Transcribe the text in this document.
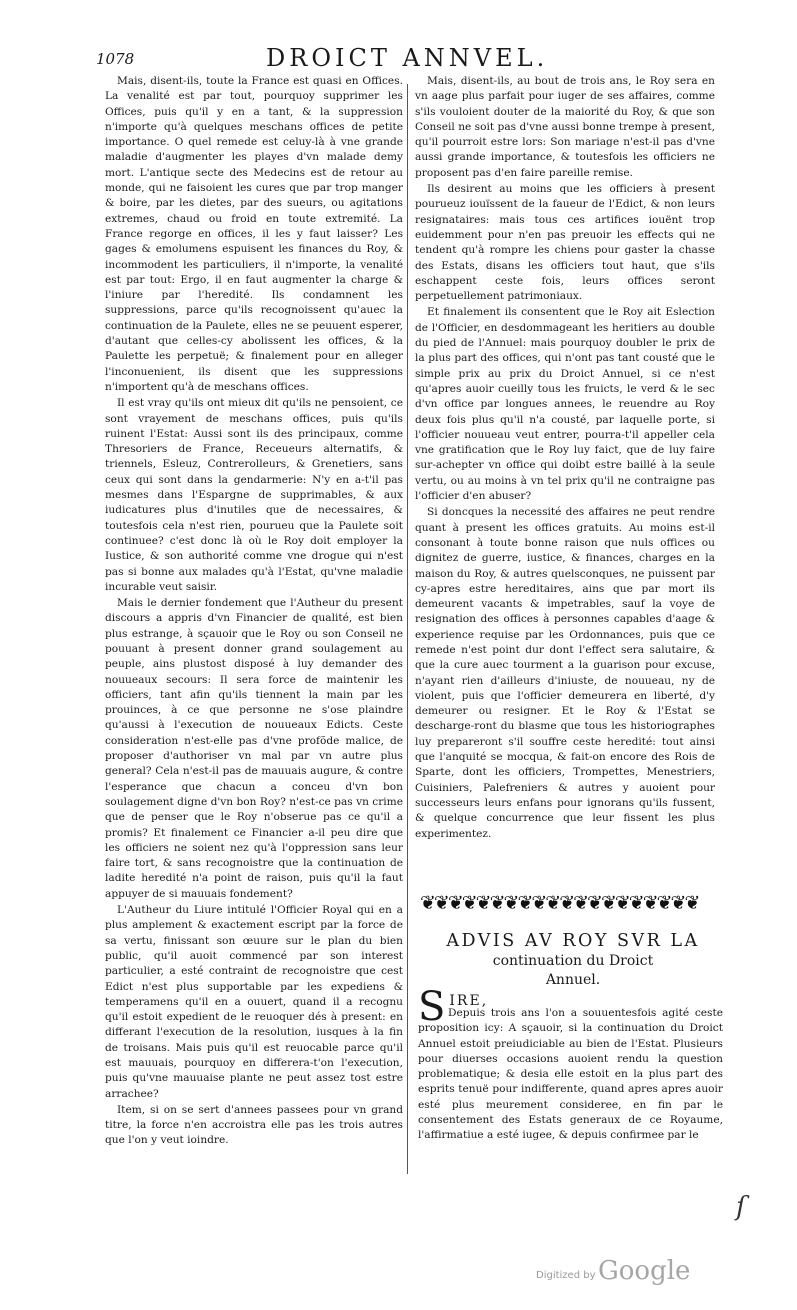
1078	DROICT ANNVEL.

Mais, disent-ils, toute la France est quasi en Offices. La venalité est par tout, pourquoy supprimer les Offices, puis qu'il y en a tant, & la suppression n'importe qu'à quelques meschans offices de petite importance. O quel remede est celuy-là à vne grande maladie d'augmenter les playes d'vn malade demy mort. L'antique secte des Medecins est de retour au monde, qui ne faisoient les cures que par trop manger & boire, par les dietes, par des sueurs, ou agitations extremes, chaud ou froid en toute extremité. La France regorge en offices, il les y faut laisser? Les gages & emolumens espuisent les finances du Roy, & incommodent les particuliers, il n'importe, la venalité est par tout: Ergo, il en faut augmenter la charge & l'iniure par l'heredité. Ils condamnent les suppressions, parce qu'ils recognoissent qu'auec la continuation de la Paulete, elles ne se peuuent esperer, d'autant que celles-cy abolissent les offices, & la Paulette les perpetuë; & finalement pour en alleger l'inconuenient, ils disent que les suppressions n'importent qu'à de meschans offices.

Il est vray qu'ils ont mieux dit qu'ils ne pensoient, ce sont vrayement de meschans offices, puis qu'ils ruinent l'Estat: Aussi sont ils des principaux, comme Thresoriers de France, Receueurs alternatifs, & triennels, Esleuz, Contrerolleurs, & Grenetiers, sans ceux qui sont dans la gendarmerie: N'y en a-t'il pas mesmes dans l'Espargne de supprimables, & aux iudicatures plus d'inutiles que de necessaires, & toutesfois cela n'est rien, pourueu que la Paulete soit continuee? c'est donc là où le Roy doit employer la Iustice, & son authorité comme vne drogue qui n'est pas si bonne aux malades qu'à l'Estat, qu'vne maladie incurable veut saisir.

Mais le dernier fondement que l'Autheur du present discours a appris d'vn Financier de qualité, est bien plus estrange, à sçauoir que le Roy ou son Conseil ne pouuant à present donner grand soulagement au peuple, ains plustost disposé à luy demander des nouueaux secours: Il sera force de maintenir les officiers, tant afin qu'ils tiennent la main par les prouinces, à ce que personne ne s'ose plaindre qu'aussi à l'execution de nouueaux Edicts. Ceste consideration n'est-elle pas d'vne profõde malice, de proposer d'authoriser vn mal par vn autre plus general? Cela n'est-il pas de mauuais augure, & contre l'esperance que chacun a conceu d'vn bon soulagement digne d'vn bon Roy? n'est-ce pas vn crime que de penser que le Roy n'obserue pas ce qu'il a promis? Et finalement ce Financier a-il peu dire que les officiers ne soient nez qu'à l'oppression sans leur faire tort, & sans recognoistre que la continuation de ladite heredité n'a point de raison, puis qu'il la faut appuyer de si mauuais fondement?

L'Autheur du Liure intitulé l'Officier Royal qui en a plus amplement & exactement escript par la force de sa vertu, finissant son œuure sur le plan du bien public, qu'il auoit commencé par son interest particulier, a esté contraint de recognoistre que cest Edict n'est plus supportable par les expediens & temperamens qu'il en a ouuert, quand il a recognu qu'il estoit expedient de le reuoquer dés à present: en differant l'execution de la resolution, iusques à la fin de troisans. Mais puis qu'il est reuocable parce qu'il est mauuais, pourquoy en differera-t'on l'execution, puis qu'vne mauuaise plante ne peut assez tost estre arrachee?

Item, si on se sert d'annees passees pour vn grand titre, la force n'en accroistra elle pas les trois autres que l'on y veut ioindre.

Mais, disent-ils, au bout de trois ans, le Roy sera en vn aage plus parfait pour iuger de ses affaires, comme s'ils vouloient douter de la maiorité du Roy, & que son Conseil ne soit pas d'vne aussi bonne trempe à present, qu'il pourroit estre lors: Son mariage n'est-il pas d'vne aussi grande importance, & toutesfois les officiers ne proposent pas d'en faire pareille remise.

Ils desirent au moins que les officiers à present pourueuz iouïssent de la faueur de l'Edict, & non leurs resignataires: mais tous ces artifices iouënt trop euidemment pour n'en pas preuoir les effects qui ne tendent qu'à rompre les chiens pour gaster la chasse des Estats, disans les officiers tout haut, que s'ils eschappent ceste fois, leurs offices seront perpetuellement patrimoniaux.

Et finalement ils consentent que le Roy ait Eslection de l'Officier, en desdommageant les heritiers au double du pied de l'Annuel: mais pourquoy doubler le prix de la plus part des offices, qui n'ont pas tant cousté que le simple prix au prix du Droict Annuel, si ce n'est qu'apres auoir cueilly tous les fruicts, le verd & le sec d'vn office par longues annees, le reuendre au Roy deux fois plus qu'il n'a cousté, par laquelle porte, si l'officier nouueau veut entrer, pourra-t'il appeller cela vne gratification que le Roy luy faict, que de luy faire sur-achepter vn office qui doibt estre baillé à la seule vertu, ou au moins à vn tel prix qu'il ne contraigne pas l'officier d'en abuser?

Si doncques la necessité des affaires ne peut rendre quant à present les offices gratuits. Au moins est-il consonant à toute bonne raison que nuls offices ou dignitez de guerre, iustice, & finances, charges en la maison du Roy, & autres quelsconques, ne puissent par cy-apres estre hereditaires, ains que par mort ils demeurent vacants & impetrables, sauf la voye de resignation des offices à personnes capables d'aage & experience requise par les Ordonnances, puis que ce remede n'est point dur dont l'effect sera salutaire, & que la cure auec tourment a la guarison pour excuse, n'ayant rien d'ailleurs d'iniuste, de nouueau, ny de violent, puis que l'officier demeurera en liberté, d'y demeurer ou resigner. Et le Roy & l'Estat se descharge-ront du blasme que tous les historiographes luy prepareront s'il souffre ceste heredité: tout ainsi que l'anquité se mocqua, & fait-on encore des Rois de Sparte, dont les officiers, Trompettes, Menestriers, Cuisiniers, Palefreniers & autres y auoient pour successeurs leurs enfans pour ignorans qu'ils fussent, & quelque concurrence que leur fissent les plus experimentez.

❦❦❦❦❦❦❦❦❦❦❦❦❦❦❦❦❦❦❦❦
ADVIS AV ROY SVR LA
continuation du Droict
Annuel.
SIRE,

Depuis trois ans l'on a souuentesfois agité ceste proposition icy: A sçauoir, si la continuation du Droict Annuel estoit preiudiciable au bien de l'Estat. Plusieurs pour diuerses occasions auoient rendu la question problematique; & desia elle estoit en la plus part des esprits tenuë pour indifferente, quand apres apres auoir esté plus meurement consideree, en fin par le consentement des Estats generaux de ce Royaume, l'affirmatiue a esté iugee, & depuis confirmee par le

ſ
Digitized by Google
